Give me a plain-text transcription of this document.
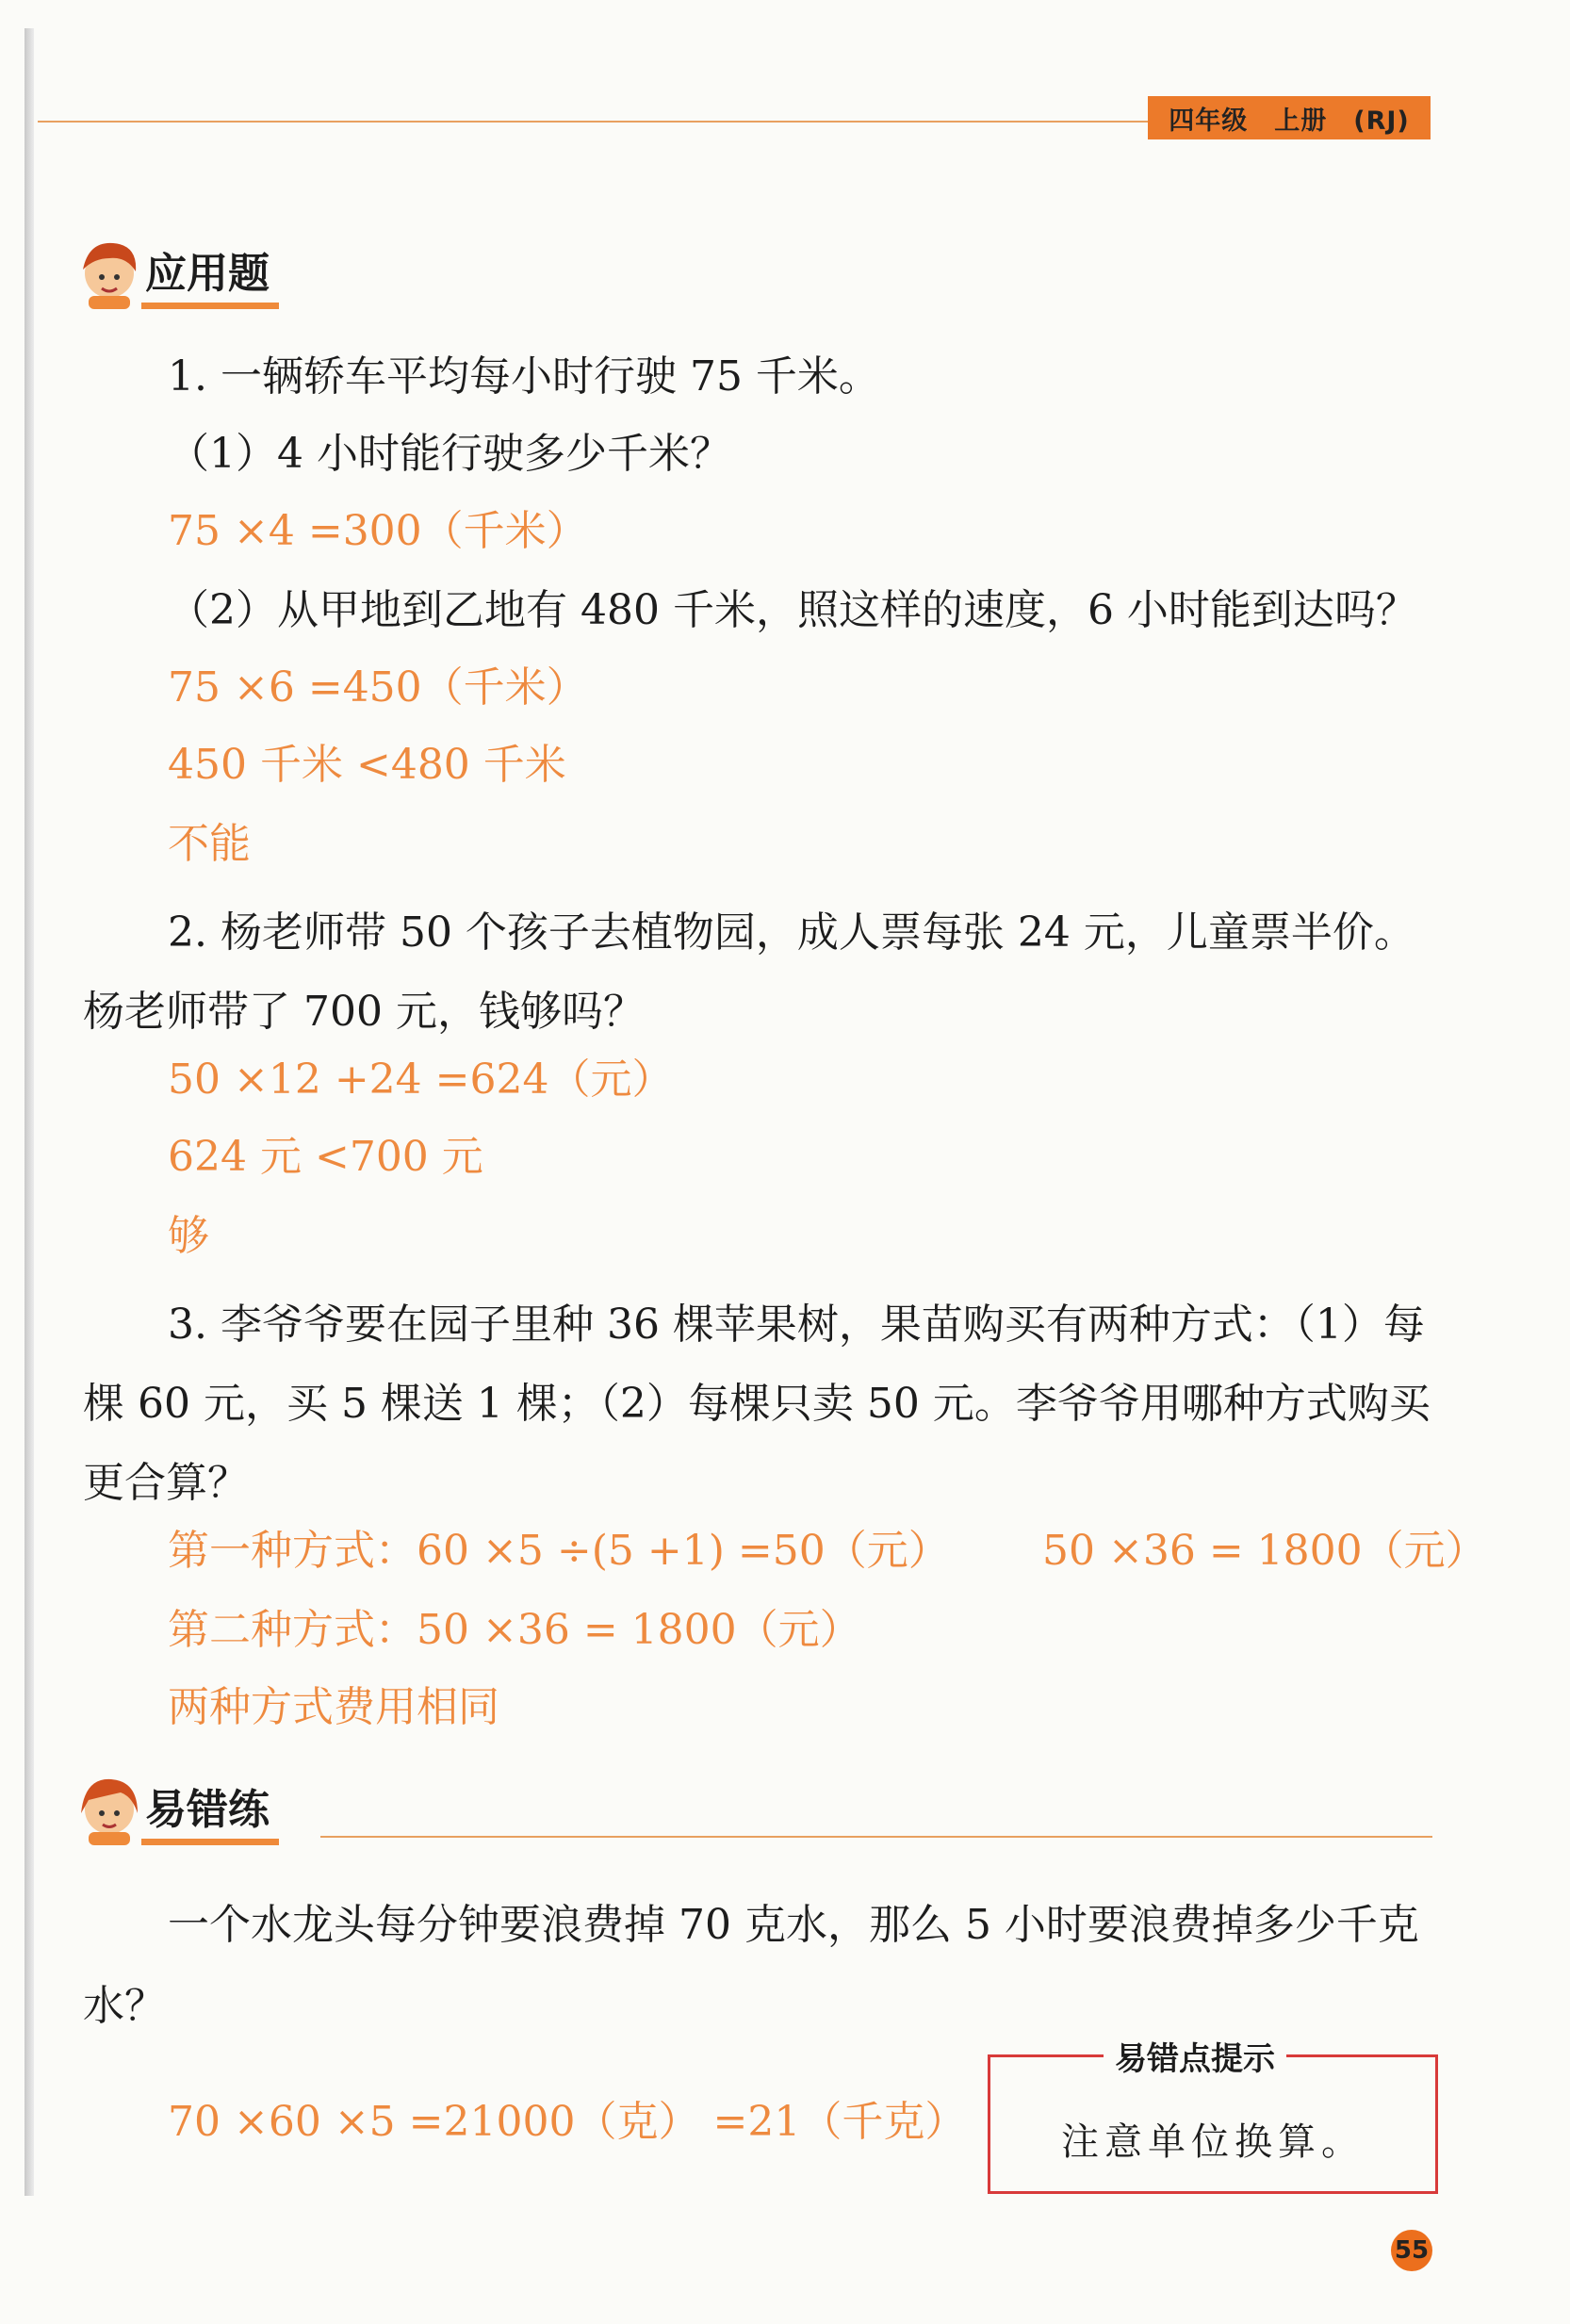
四年级　上册　(RJ)
应用题
1. 一辆轿车平均每小时行驶 75 千米。
（1）4 小时能行驶多少千米？
75 ×4 =300（千米）
（2）从甲地到乙地有 480 千米，照这样的速度，6 小时能到达吗？
75 ×6 =450（千米）
450 千米 <480 千米
不能
2. 杨老师带 50 个孩子去植物园，成人票每张 24 元，儿童票半价。杨老师带了 700 元，钱够吗？
50 ×12 +24 =624（元）
624 元 <700 元
够
3. 李爷爷要在园子里种 36 棵苹果树，果苗购买有两种方式：（1）每棵 60 元，买 5 棵送 1 棵；（2）每棵只卖 50 元。李爷爷用哪种方式购买更合算？
第一种方式：60 ×5 ÷(5 +1) =50（元）	50 ×36 = 1800（元）
第二种方式：50 ×36 = 1800（元）
两种方式费用相同
易错练
一个水龙头每分钟要浪费掉 70 克水，那么 5 小时要浪费掉多少千克水？
70 ×60 ×5 =21000（克） =21（千克）
易错点提示
注意单位换算。
55
